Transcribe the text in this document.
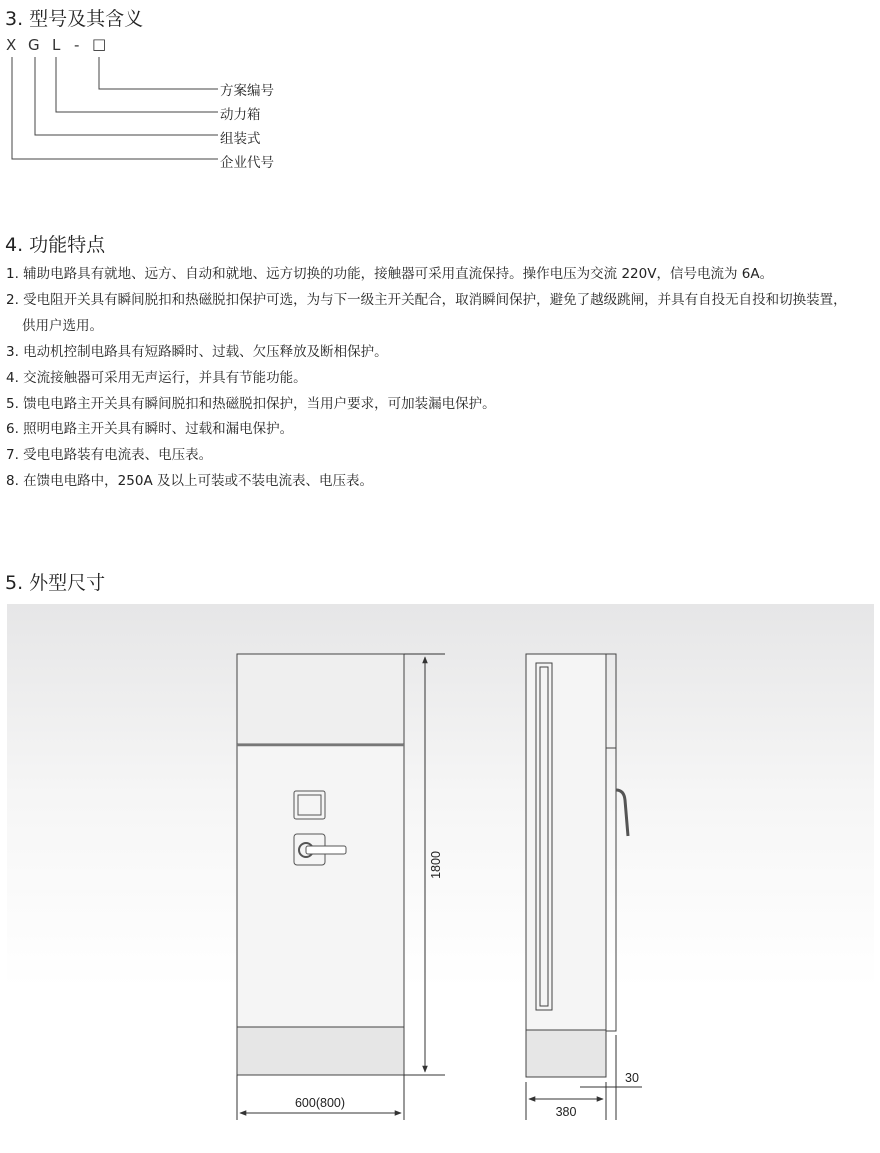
3. 型号及其含义
X G L - □
方案编号
动力箱
组装式
企业代号
4. 功能特点
1. 辅助电路具有就地、远方、自动和就地、远方切换的功能，接触器可采用直流保持。操作电压为交流 220V，信号电流为 6A。
2. 受电阻开关具有瞬间脱扣和热磁脱扣保护可选，为与下一级主开关配合，取消瞬间保护，避免了越级跳闸，并具有自投无自投和切换装置，
供用户选用。
3. 电动机控制电路具有短路瞬时、过载、欠压释放及断相保护。
4. 交流接触器可采用无声运行，并具有节能功能。
5. 馈电电路主开关具有瞬间脱扣和热磁脱扣保护，当用户要求，可加装漏电保护。
6. 照明电路主开关具有瞬时、过载和漏电保护。
7. 受电电路装有电流表、电压表。
8. 在馈电电路中，250A 及以上可装或不装电流表、电压表。
5. 外型尺寸
1800
600(800)
380
30
